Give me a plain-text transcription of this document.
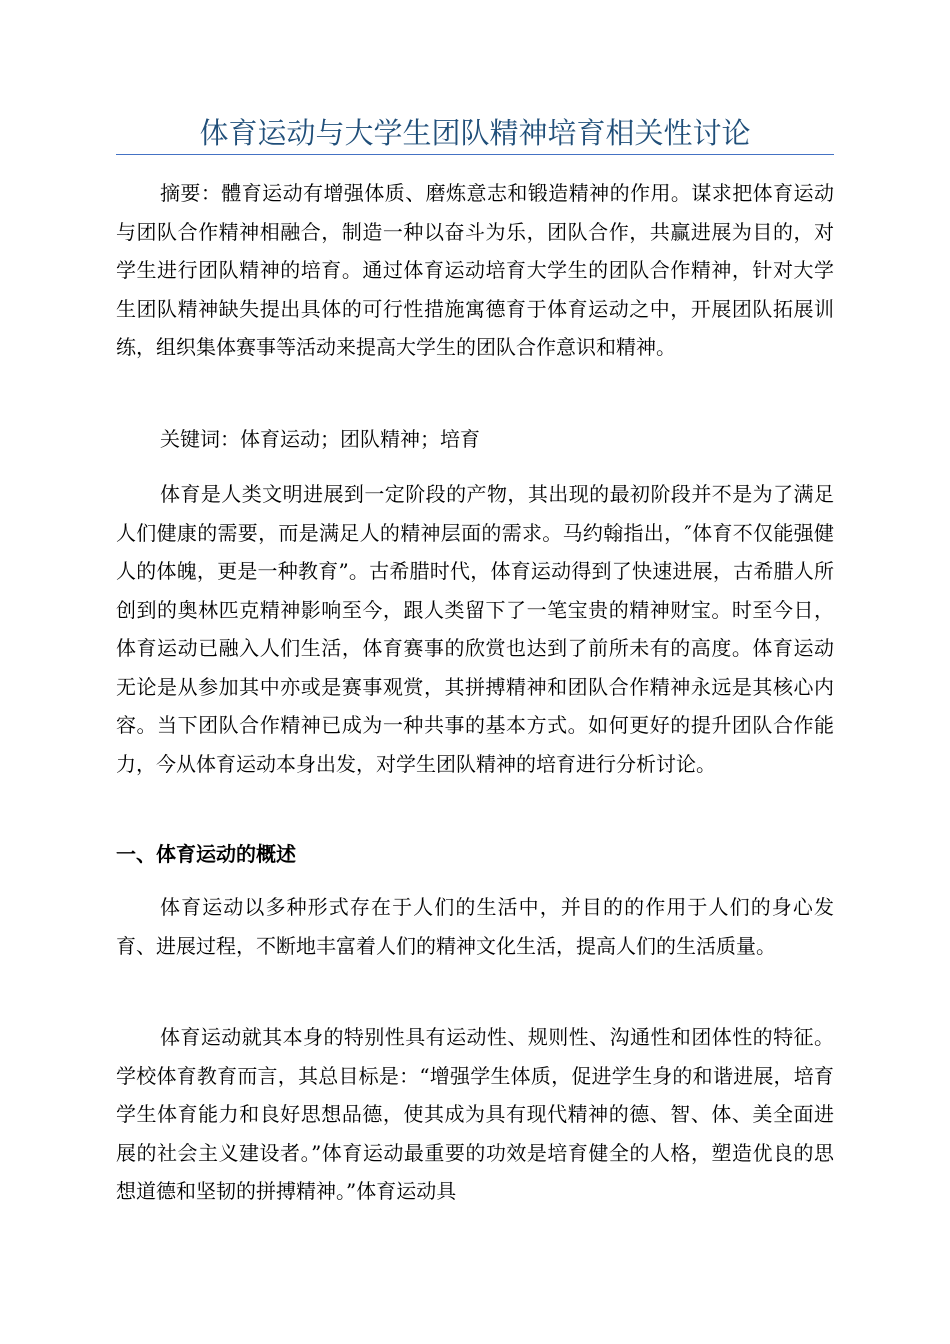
体育运动与大学生团队精神培育相关性讨论

摘要：體育运动有增强体质、磨炼意志和锻造精神的作用。谋求把体育运动与团队合作精神相融合，制造一种以奋斗为乐，团队合作，共赢进展为目的，对学生进行团队精神的培育。通过体育运动培育大学生的团队合作精神，针对大学生团队精神缺失提出具体的可行性措施寓德育于体育运动之中，开展团队拓展训练，组织集体赛事等活动来提高大学生的团队合作意识和精神。

关键词：体育运动；团队精神；培育

体育是人类文明进展到一定阶段的产物，其出现的最初阶段并不是为了满足人们健康的需要，而是满足人的精神层面的需求。马约翰指出，″体育不仅能强健人的体魄，更是一种教育”。古希腊时代，体育运动得到了快速进展，古希腊人所创到的奥林匹克精神影响至今，跟人类留下了一笔宝贵的精神财宝。时至今日，体育运动已融入人们生活，体育赛事的欣赏也达到了前所未有的高度。体育运动无论是从参加其中亦或是赛事观赏，其拼搏精神和团队合作精神永远是其核心内容。当下团队合作精神已成为一种共事的基本方式。如何更好的提升团队合作能力，今从体育运动本身出发，对学生团队精神的培育进行分析讨论。

一、体育运动的概述

体育运动以多种形式存在于人们的生活中，并目的的作用于人们的身心发育、进展过程，不断地丰富着人们的精神文化生活，提高人们的生活质量。

体育运动就其本身的特别性具有运动性、规则性、沟通性和团体性的特征。学校体育教育而言，其总目标是：“增强学生体质，促进学生身的和谐进展，培育学生体育能力和良好思想品德，使其成为具有现代精神的德、智、体、美全面进展的社会主义建设者。”体育运动最重要的功效是培育健全的人格，塑造优良的思想道德和坚韧的拼搏精神。”体育运动具
